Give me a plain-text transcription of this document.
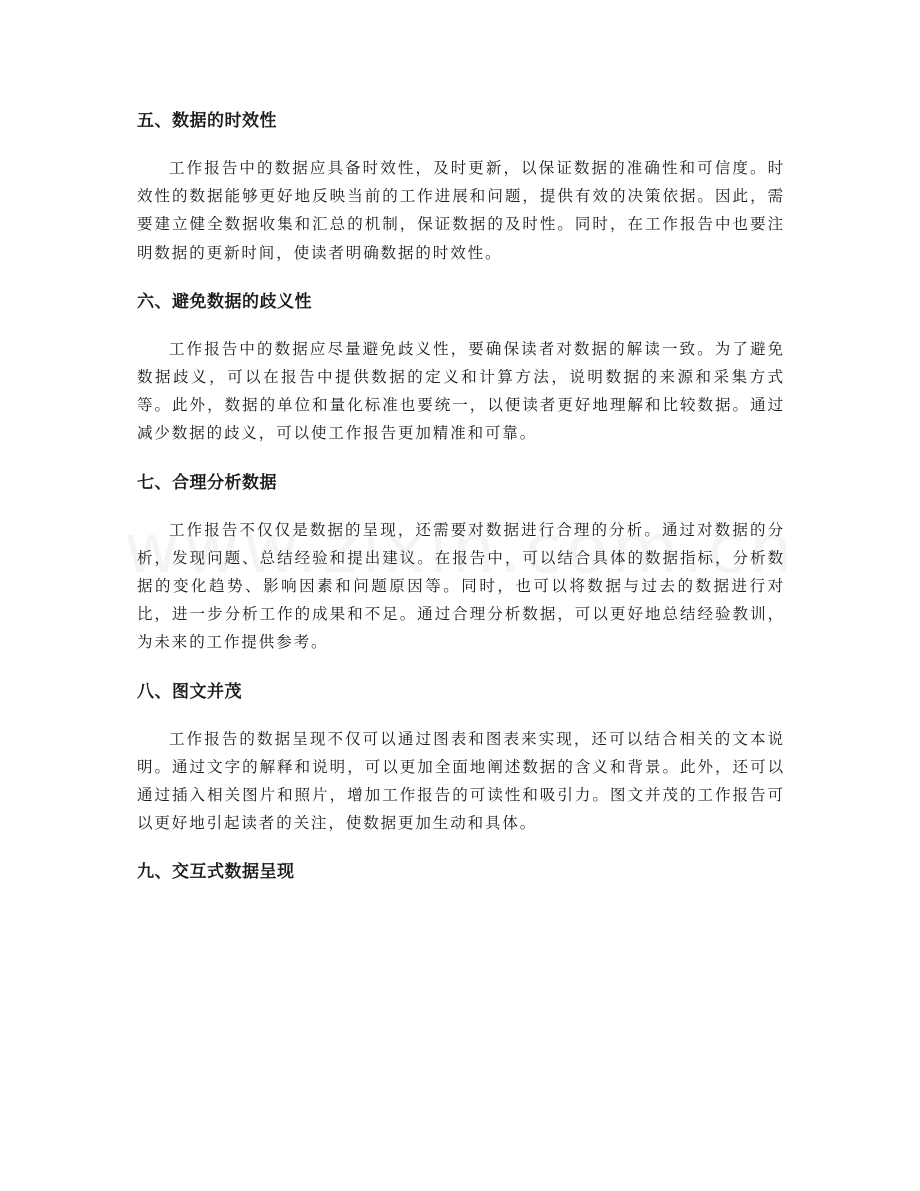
五、数据的时效性

工作报告中的数据应具备时效性，及时更新，以保证数据的准确性和可信度。时效性的数据能够更好地反映当前的工作进展和问题，提供有效的决策依据。因此，需要建立健全数据收集和汇总的机制，保证数据的及时性。同时，在工作报告中也要注明数据的更新时间，使读者明确数据的时效性。

六、避免数据的歧义性

工作报告中的数据应尽量避免歧义性，要确保读者对数据的解读一致。为了避免数据歧义，可以在报告中提供数据的定义和计算方法，说明数据的来源和采集方式等。此外，数据的单位和量化标准也要统一，以便读者更好地理解和比较数据。通过减少数据的歧义，可以使工作报告更加精准和可靠。

七、合理分析数据

工作报告不仅仅是数据的呈现，还需要对数据进行合理的分析。通过对数据的分析，发现问题、总结经验和提出建议。在报告中，可以结合具体的数据指标，分析数据的变化趋势、影响因素和问题原因等。同时，也可以将数据与过去的数据进行对比，进一步分析工作的成果和不足。通过合理分析数据，可以更好地总结经验教训，为未来的工作提供参考。

八、图文并茂

工作报告的数据呈现不仅可以通过图表和图表来实现，还可以结合相关的文本说明。通过文字的解释和说明，可以更加全面地阐述数据的含义和背景。此外，还可以通过插入相关图片和照片，增加工作报告的可读性和吸引力。图文并茂的工作报告可以更好地引起读者的关注，使数据更加生动和具体。

九、交互式数据呈现
